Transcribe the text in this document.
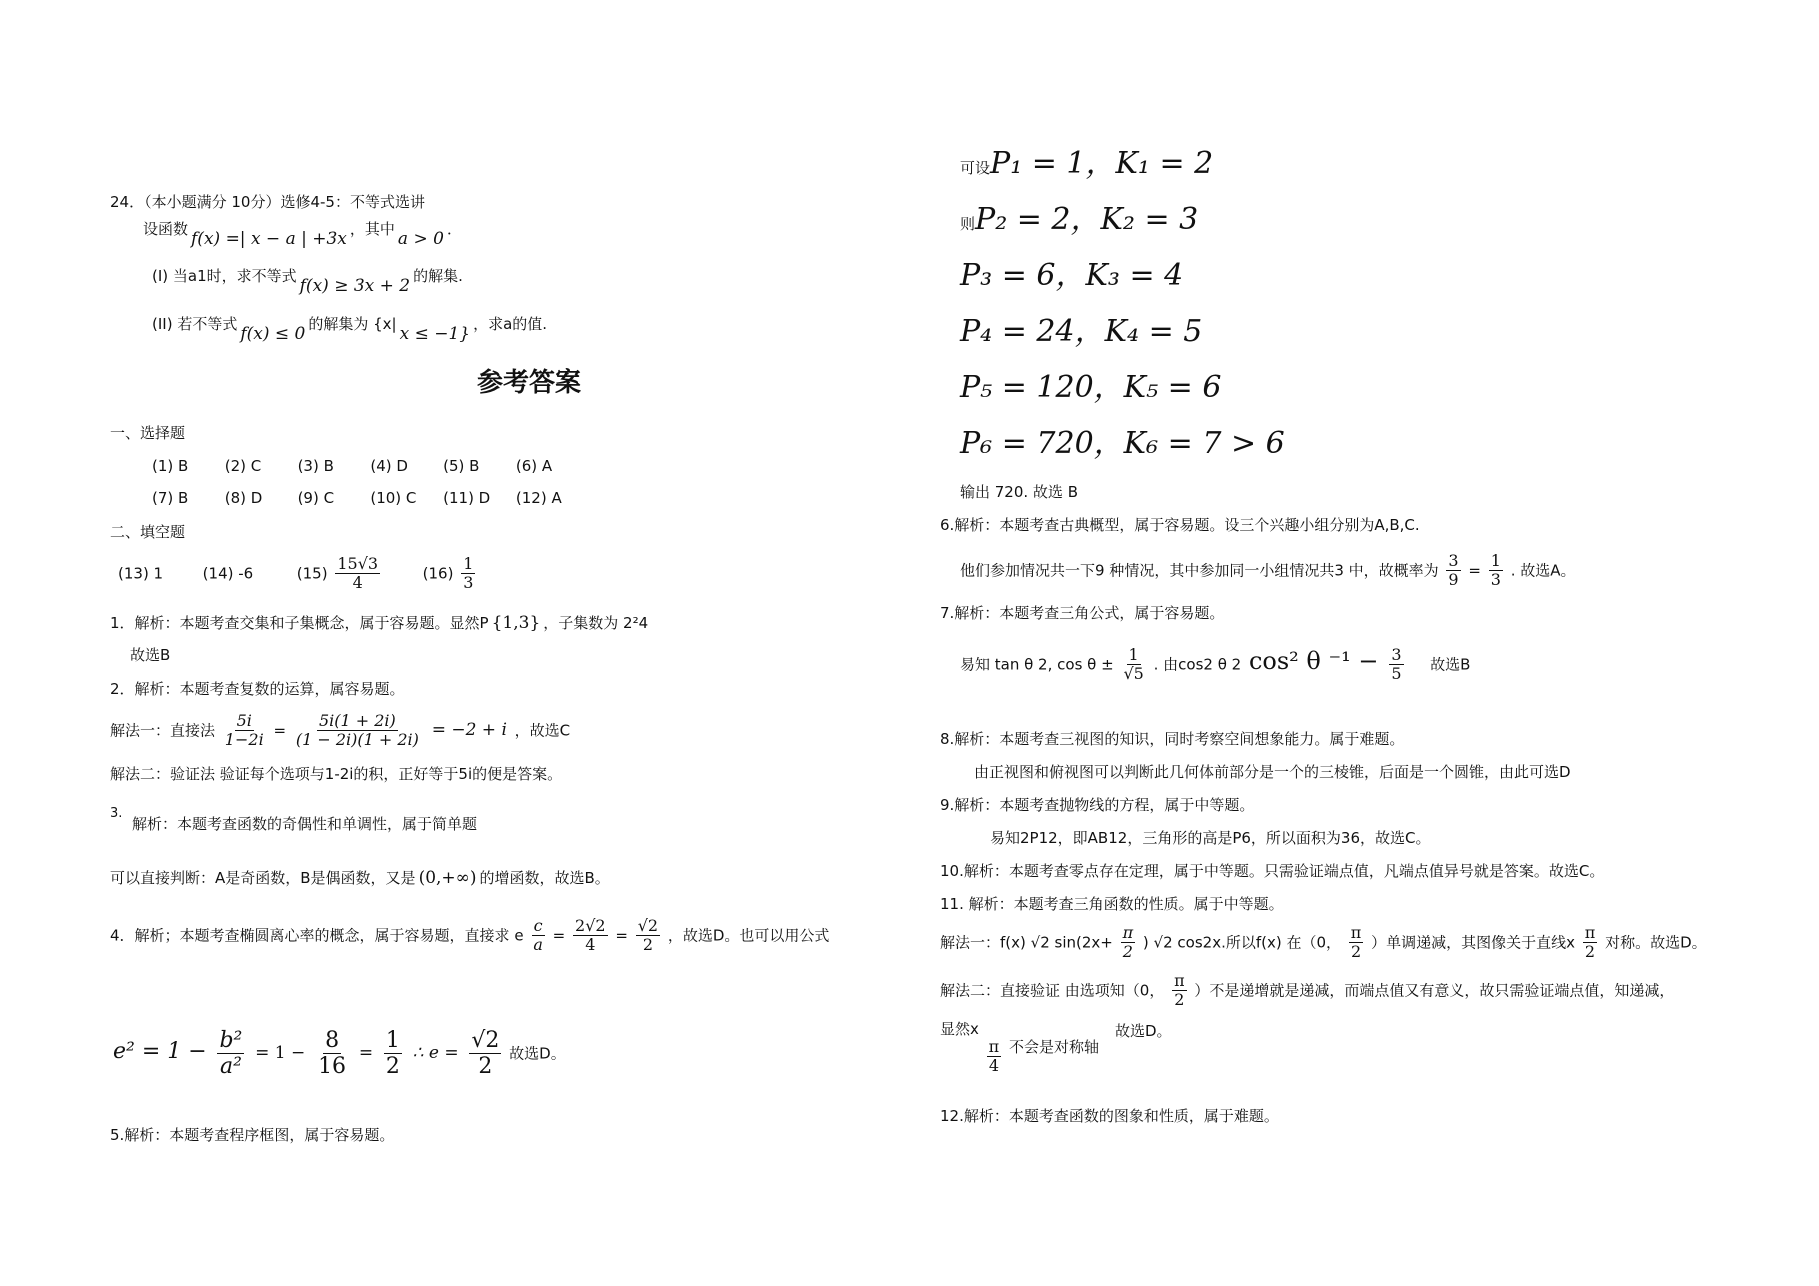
24．（本小题满分 10分）选修4-5：不等式选讲
设函数 f(x) =| x − a | +3x ，其中 a > 0 ．
(I) 当a1时，求不等式 f(x) ≥ 3x + 2 的解集.
(II) 若不等式 f(x) ≤ 0 的解集为 {x| x ≤ −1} ，求a的值.
参考答案
一、选择题
(1) B (2) C (3) B (4) D (5) B (6) A
(7) B (8) D (9) C (10) C (11) D (12) A
二、填空题
(13) 1	(14) -6	$(15) \frac{15√3}{4}$	$(16) \frac{1}{3}$
1．解析：本题考查交集和子集概念，属于容易题。显然P {1,3} ，子集数为 2²4
故选B
2．解析：本题考查复数的运算，属容易题。
解法一：直接法 $\frac{5i}{1-2i} = \frac{5i(1 + 2i)}{(1 - 2i)(1 + 2i)} = -2 + i$ ，故选C
解法二：验证法 验证每个选项与1-2i的积，正好等于5i的便是答案。
3.
解析：本题考查函数的奇偶性和单调性，属于简单题
可以直接判断：A是奇函数，B是偶函数，又是 (0,+∞) 的增函数，故选B。
4．解析；本题考查椭圆离心率的概念，属于容易题，直接求 e $\frac{c}{a} = \frac{2√2}{4} = \frac{√2}{2}$ ，故选D。也可以用公式
$e^2 = 1 - \frac{\text{b²}}{\text{a²}} = 1 - \frac{8}{16} = \frac{1}{2}$ ∴ $e = \frac{√2}{2}$ 故选D。
5.解析：本题考查程序框图，属于容易题。
可设P₁ = 1，K₁ = 2
则P₂ = 2，K₂ = 3
P₃ = 6，K₃ = 4
P₄ = 24，K₄ = 5
P₅ = 120，K₅ = 6
P₆ = 720，K₆ = 7 > 6
输出 720. 故选 B
6.解析：本题考查古典概型，属于容易题。设三个兴趣小组分别为A,B,C.
他们参加情况共一下9 种情况，其中参加同一小组情况共3 中，故概率为 $\frac{3}{9} = \frac{1}{3}$ . 故选A。
7.解析：本题考查三角公式，属于容易题。
易知 tan θ 2, $\cos \theta \pm \frac{1}{√5}$ . 由cos2 θ 2 cos² θ $^{-1} - \frac{3}{5}$ 故选B
8.解析：本题考查三视图的知识，同时考察空间想象能力。属于难题。
由正视图和俯视图可以判断此几何体前部分是一个的三棱锥，后面是一个圆锥，由此可选D
9.解析：本题考查抛物线的方程，属于中等题。
易知2P12，即AB12，三角形的高是P6，所以面积为36，故选C。
10.解析：本题考查零点存在定理，属于中等题。只需验证端点值，凡端点值异号就是答案。故选C。
11. 解析：本题考查三角函数的性质。属于中等题。
解法一：f(x) √2 $\sin(2x+ \frac{\pi}{2}$ ) √2 cos2x.所以f(x) 在（0， $\frac{\pi}{2}$ ）单调递减，其图像关于直线x $\frac{\pi}{2}$ 对称。故选D。
解法二：直接验证 由选项知（0， $\frac{\pi}{2}$ ）不是递增就是递减，而端点值又有意义，故只需验证端点值，知递减，
显然x
$\frac{\pi}{4}$ 不会是对称轴
故选D。
12.解析：本题考查函数的图象和性质，属于难题。
